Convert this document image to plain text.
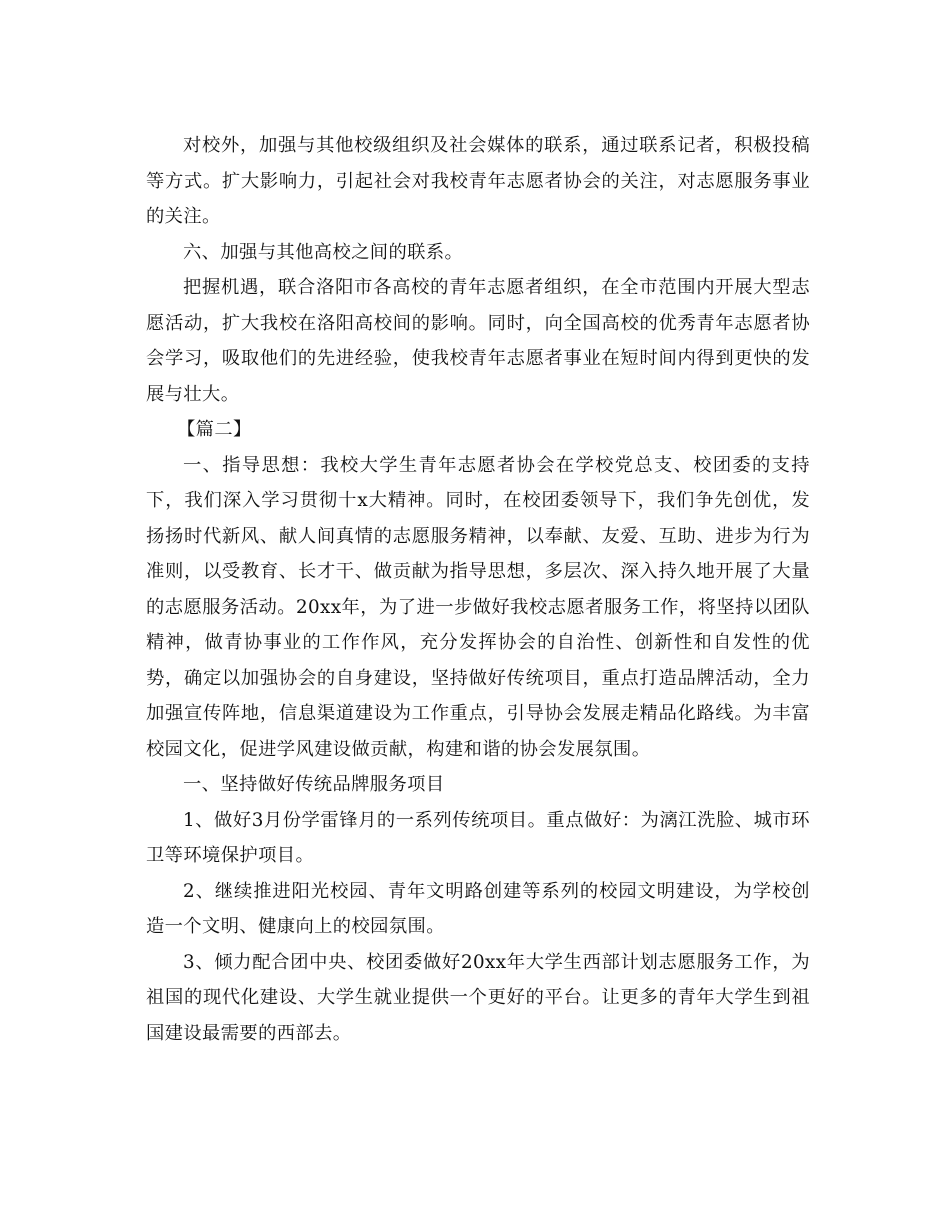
对校外，加强与其他校级组织及社会媒体的联系，通过联系记者，积极投稿等方式。扩大影响力，引起社会对我校青年志愿者协会的关注，对志愿服务事业的关注。

六、加强与其他高校之间的联系。

把握机遇，联合洛阳市各高校的青年志愿者组织，在全市范围内开展大型志愿活动，扩大我校在洛阳高校间的影响。同时，向全国高校的优秀青年志愿者协会学习，吸取他们的先进经验，使我校青年志愿者事业在短时间内得到更快的发展与壮大。

【篇二】

一、指导思想：我校大学生青年志愿者协会在学校党总支、校团委的支持下，我们深入学习贯彻十x大精神。同时，在校团委领导下，我们争先创优，发扬扬时代新风、献人间真情的志愿服务精神，以奉献、友爱、互助、进步为行为准则，以受教育、长才干、做贡献为指导思想，多层次、深入持久地开展了大量的志愿服务活动。20xx年，为了进一步做好我校志愿者服务工作，将坚持以团队精神，做青协事业的工作作风，充分发挥协会的自治性、创新性和自发性的优势，确定以加强协会的自身建设，坚持做好传统项目，重点打造品牌活动，全力加强宣传阵地，信息渠道建设为工作重点，引导协会发展走精品化路线。为丰富校园文化，促进学风建设做贡献，构建和谐的协会发展氛围。

一、坚持做好传统品牌服务项目

1、做好3月份学雷锋月的一系列传统项目。重点做好：为漓江洗脸、城市环卫等环境保护项目。

2、继续推进阳光校园、青年文明路创建等系列的校园文明建设，为学校创造一个文明、健康向上的校园氛围。

3、倾力配合团中央、校团委做好20xx年大学生西部计划志愿服务工作，为祖国的现代化建设、大学生就业提供一个更好的平台。让更多的青年大学生到祖国建设最需要的西部去。
